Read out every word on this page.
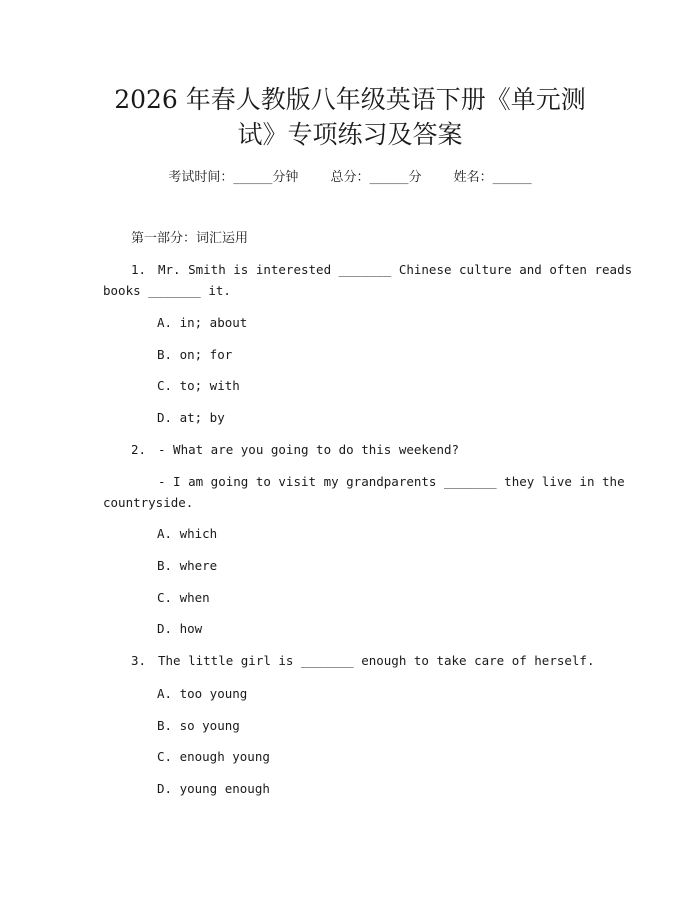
2026 年春人教版八年级英语下册《单元测
试》专项练习及答案
考试时间：______分钟 总分：______分 姓名：______
第一部分：词汇运用
1. Mr. Smith is interested _______ Chinese culture and often reads
books _______ it.
A. in; about
B. on; for
C. to; with
D. at; by
2. - What are you going to do this weekend?
- I am going to visit my grandparents _______ they live in the
countryside.
A. which
B. where
C. when
D. how
3. The little girl is _______ enough to take care of herself.
A. too young
B. so young
C. enough young
D. young enough
